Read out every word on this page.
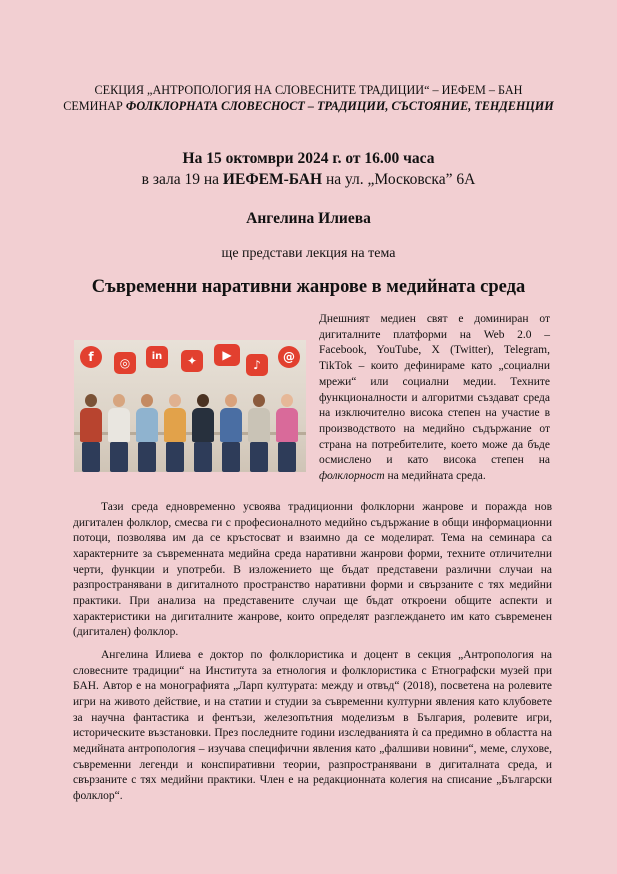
СЕКЦИЯ „АНТРОПОЛОГИЯ НА СЛОВЕСНИТЕ ТРАДИЦИИ“ – ИЕФЕМ – БАН
СЕМИНАР ФОЛКЛОРНАТА СЛОВЕСНОСТ – ТРАДИЦИИ, СЪСТОЯНИЕ, ТЕНДЕНЦИИ
На 15 октомври 2024 г. от 16.00 часа
в зала 19 на ИЕФЕМ-БАН на ул. „Московска” 6А
Ангелина Илиева
ще представи лекция на тема
Съвременни наративни жанрове в медийната среда
f	◎	in	✦	▶
♪
@
Днешният медиен свят е доминиран от дигиталните платформи на Web 2.0 – Facebook, YouTube, X (Twitter), Telegram, TikTok – които дефинираме като „социални мрежи“ или социални медии. Техните функционалности и алгоритми създават среда на изключително висока степен на участие в производството на медийно съдържание от страна на потребителите, което може да бъде осмислено и като висока степен на фолклорност на медийната среда.
Тази среда едновременно усвоява традиционни фолклорни жанрове и поражда нов дигитален фолклор, смесва ги с професионалното медийно съдържание в общи информационни потоци, позволява им да се кръстосват и взаимно да се моделират. Тема на семинара са характерните за съвременната медийна среда наративни жанрови форми, техните отличителни черти, функции и употреби. В изложението ще бъдат представени различни случаи на разпространявани в дигиталното пространство наративни форми и свързаните с тях медийни практики. При анализа на представените случаи ще бъдат откроени общите аспекти и характеристики на дигиталните жанрове, които определят разглеждането им като съвременен (дигитален) фолклор.
Ангелина Илиева е доктор по фолклористика и доцент в секция „Антропология на словесните традиции“ на Института за етнология и фолклористика с Етнографски музей при БАН. Автор е на монографията „Ларп културата: между и отвъд“ (2018), посветена на ролевите игри на живото действие, и на статии и студии за съвременни културни явления като клубовете за научна фантастика и фентъзи, железопътния моделизъм в България, ролевите игри, историческите възстановки. През последните години изследванията ѝ са предимно в областта на медийната антропология – изучава специфични явления като „фалшиви новини“, меме, слухове, съвременни легенди и конспиративни теории, разпространявани в дигиталната среда, и свързаните с тях медийни практики. Член е на редакционната колегия на списание „Български фолклор“.
